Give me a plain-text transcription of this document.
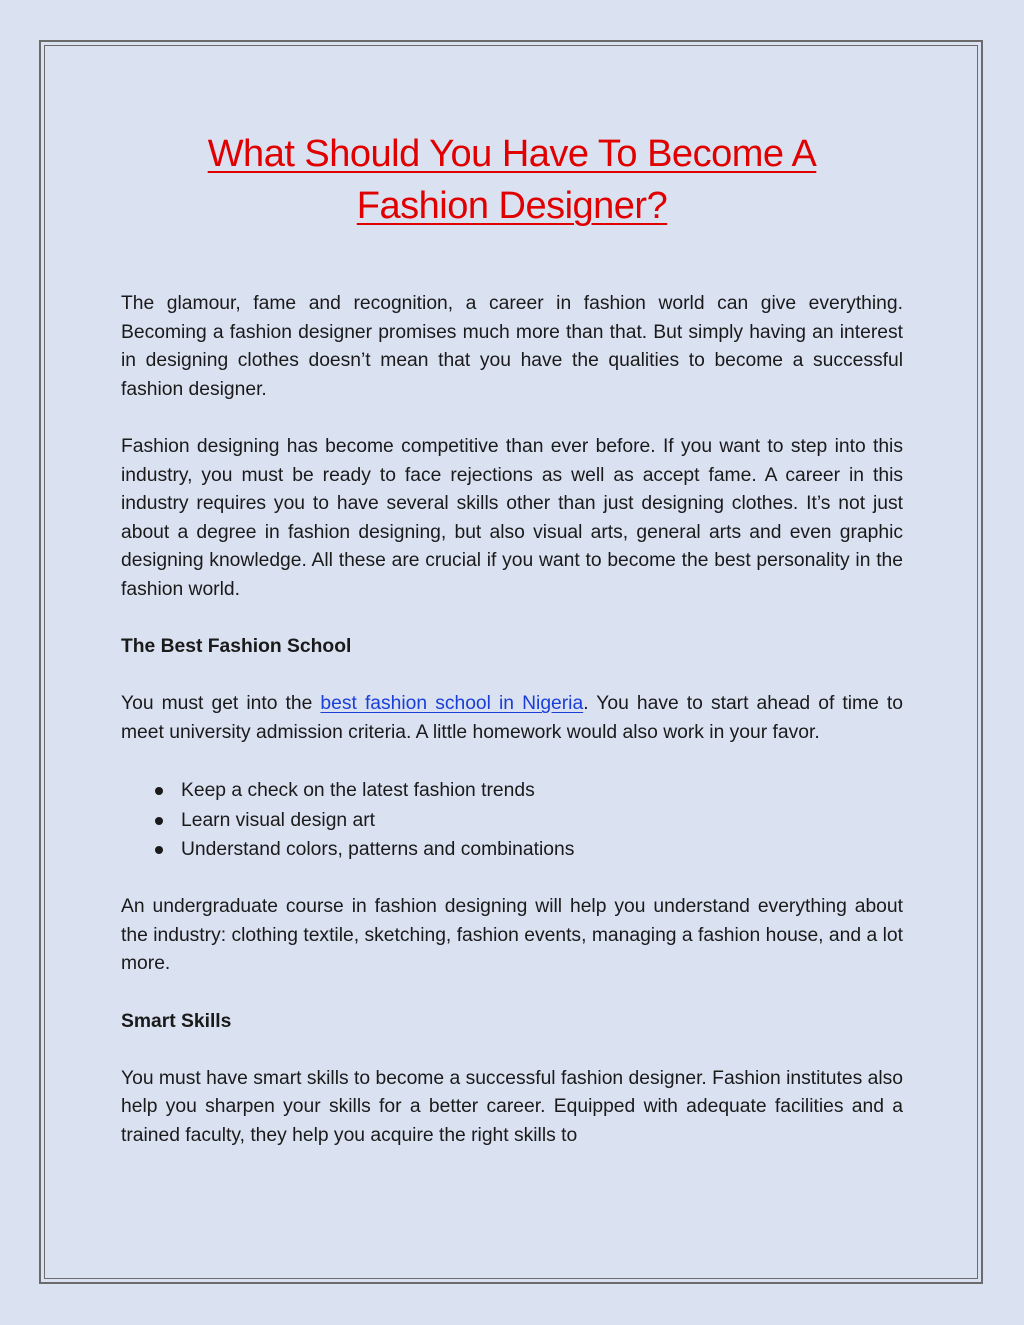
What Should You Have To Become A
Fashion Designer?

The glamour, fame and recognition, a career in fashion world can give everything. Becoming a fashion designer promises much more than that. But simply having an interest in designing clothes doesn’t mean that you have the qualities to become a successful fashion designer.

Fashion designing has become competitive than ever before. If you want to step into this industry, you must be ready to face rejections as well as accept fame. A career in this industry requires you to have several skills other than just designing clothes. It’s not just about a degree in fashion designing, but also visual arts, general arts and even graphic designing knowledge. All these are crucial if you want to become the best personality in the fashion world.

The Best Fashion School

You must get into the best fashion school in Nigeria. You have to start ahead of time to meet university admission criteria. A little homework would also work in your favor.

Keep a check on the latest fashion trends
Learn visual design art
Understand colors, patterns and combinations

An undergraduate course in fashion designing will help you understand everything about the industry: clothing textile, sketching, fashion events, managing a fashion house, and a lot more.

Smart Skills

You must have smart skills to become a successful fashion designer. Fashion institutes also help you sharpen your skills for a better career. Equipped with adequate facilities and a trained faculty, they help you acquire the right skills to
